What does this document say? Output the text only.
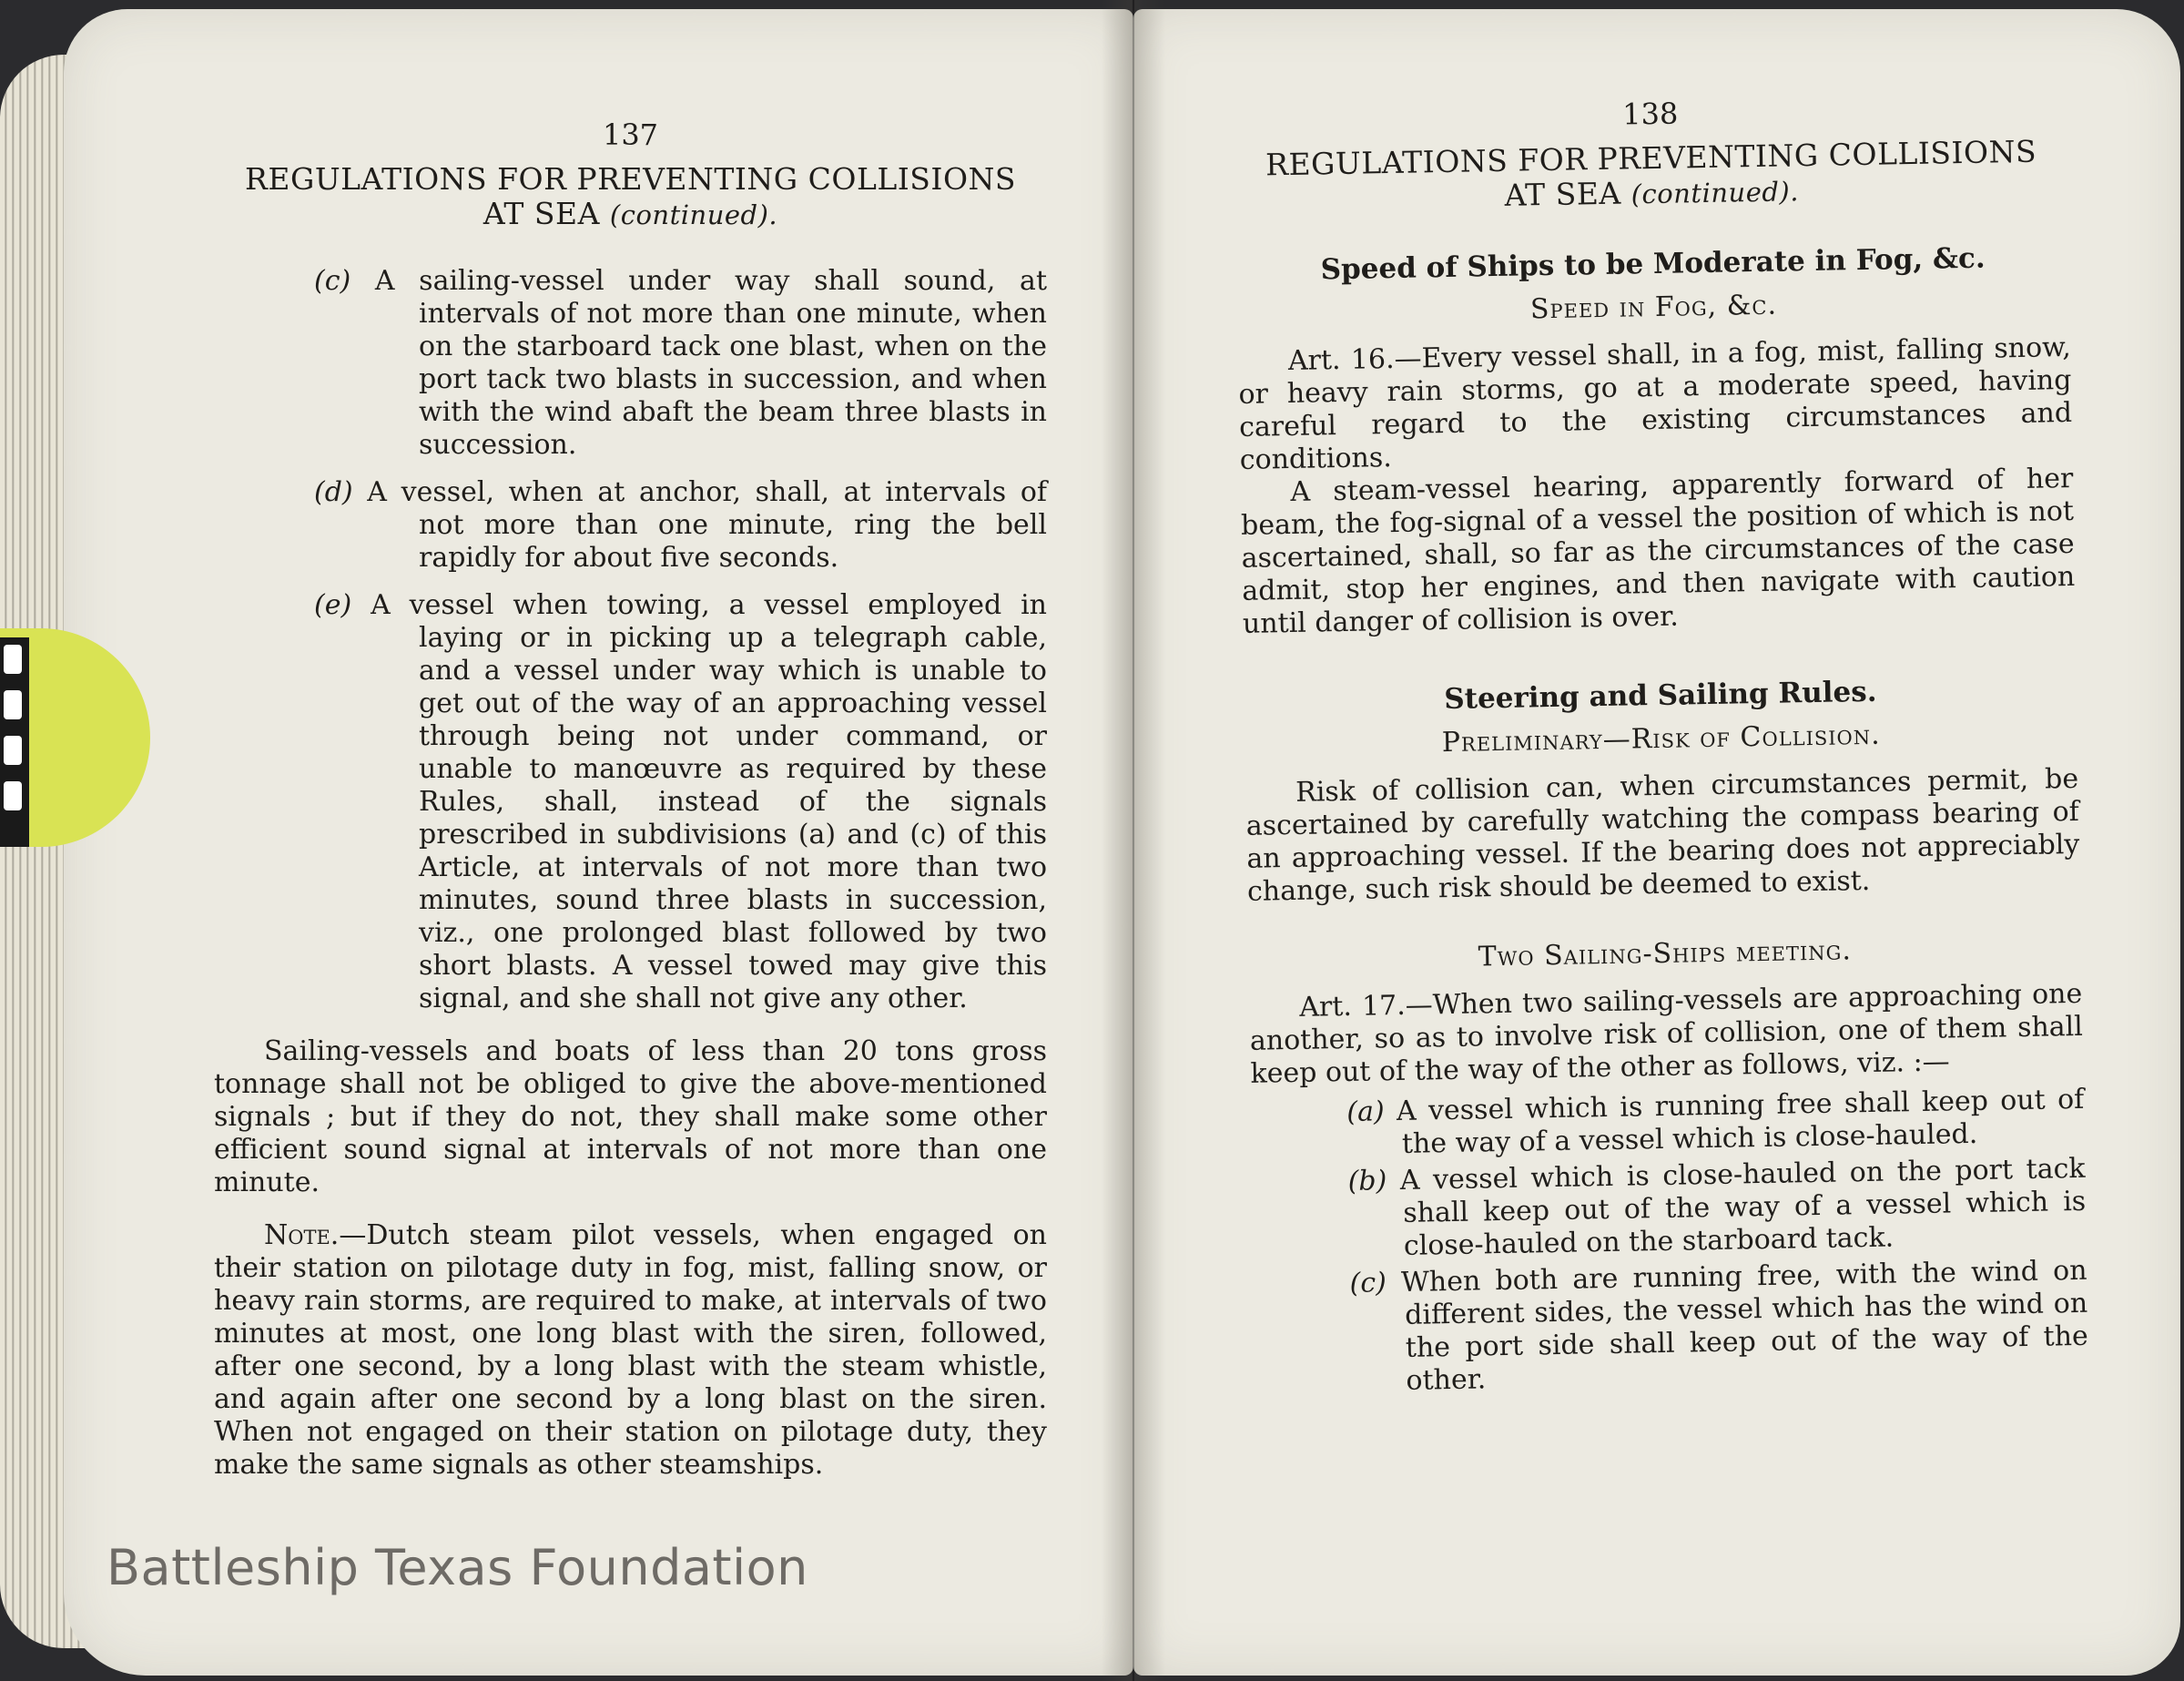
137
REGULATIONS FOR PREVENTING COLLISIONS
AT SEA (continued).
(c) A sailing-vessel under way shall sound, at intervals of not more than one minute, when on the starboard tack one blast, when on the port tack two blasts in succession, and when with the wind abaft the beam three blasts in succession.
(d) A vessel, when at anchor, shall, at intervals of not more than one minute, ring the bell rapidly for about five seconds.
(e) A vessel when towing, a vessel employed in laying or in picking up a telegraph cable, and a vessel under way which is unable to get out of the way of an approaching vessel through being not under command, or unable to manœuvre as required by these Rules, shall, instead of the signals prescribed in subdivisions (a) and (c) of this Article, at intervals of not more than two minutes, sound three blasts in succession, viz., one prolonged blast followed by two short blasts. A vessel towed may give this signal, and she shall not give any other.
Sailing-vessels and boats of less than 20 tons gross tonnage shall not be obliged to give the above-mentioned signals ; but if they do not, they shall make some other efficient sound signal at intervals of not more than one minute.
Note.—Dutch steam pilot vessels, when engaged on their station on pilotage duty in fog, mist, falling snow, or heavy rain storms, are required to make, at intervals of two minutes at most, one long blast with the siren, followed, after one second, by a long blast with the steam whistle, and again after one second by a long blast on the siren. When not engaged on their station on pilotage duty, they make the same signals as other steamships.
138
REGULATIONS FOR PREVENTING COLLISIONS
AT SEA (continued).
Speed of Ships to be Moderate in Fog, &c.
Speed in Fog, &c.
Art. 16.—Every vessel shall, in a fog, mist, falling snow, or heavy rain storms, go at a moderate speed, having careful regard to the existing circumstances and conditions.
A steam-vessel hearing, apparently forward of her beam, the fog-signal of a vessel the position of which is not ascertained, shall, so far as the circumstances of the case admit, stop her engines, and then navigate with caution until danger of collision is over.
Steering and Sailing Rules.
Preliminary—Risk of Collision.
Risk of collision can, when circumstances permit, be ascertained by carefully watching the compass bearing of an approaching vessel. If the bearing does not appreciably change, such risk should be deemed to exist.
Two Sailing-Ships meeting.
Art. 17.—When two sailing-vessels are approaching one another, so as to involve risk of collision, one of them shall keep out of the way of the other as follows, viz. :—
(a) A vessel which is running free shall keep out of the way of a vessel which is close-hauled.
(b) A vessel which is close-hauled on the port tack shall keep out of the way of a vessel which is close-hauled on the starboard tack.
(c) When both are running free, with the wind on different sides, the vessel which has the wind on the port side shall keep out of the way of the other.
Battleship Texas Foundation
